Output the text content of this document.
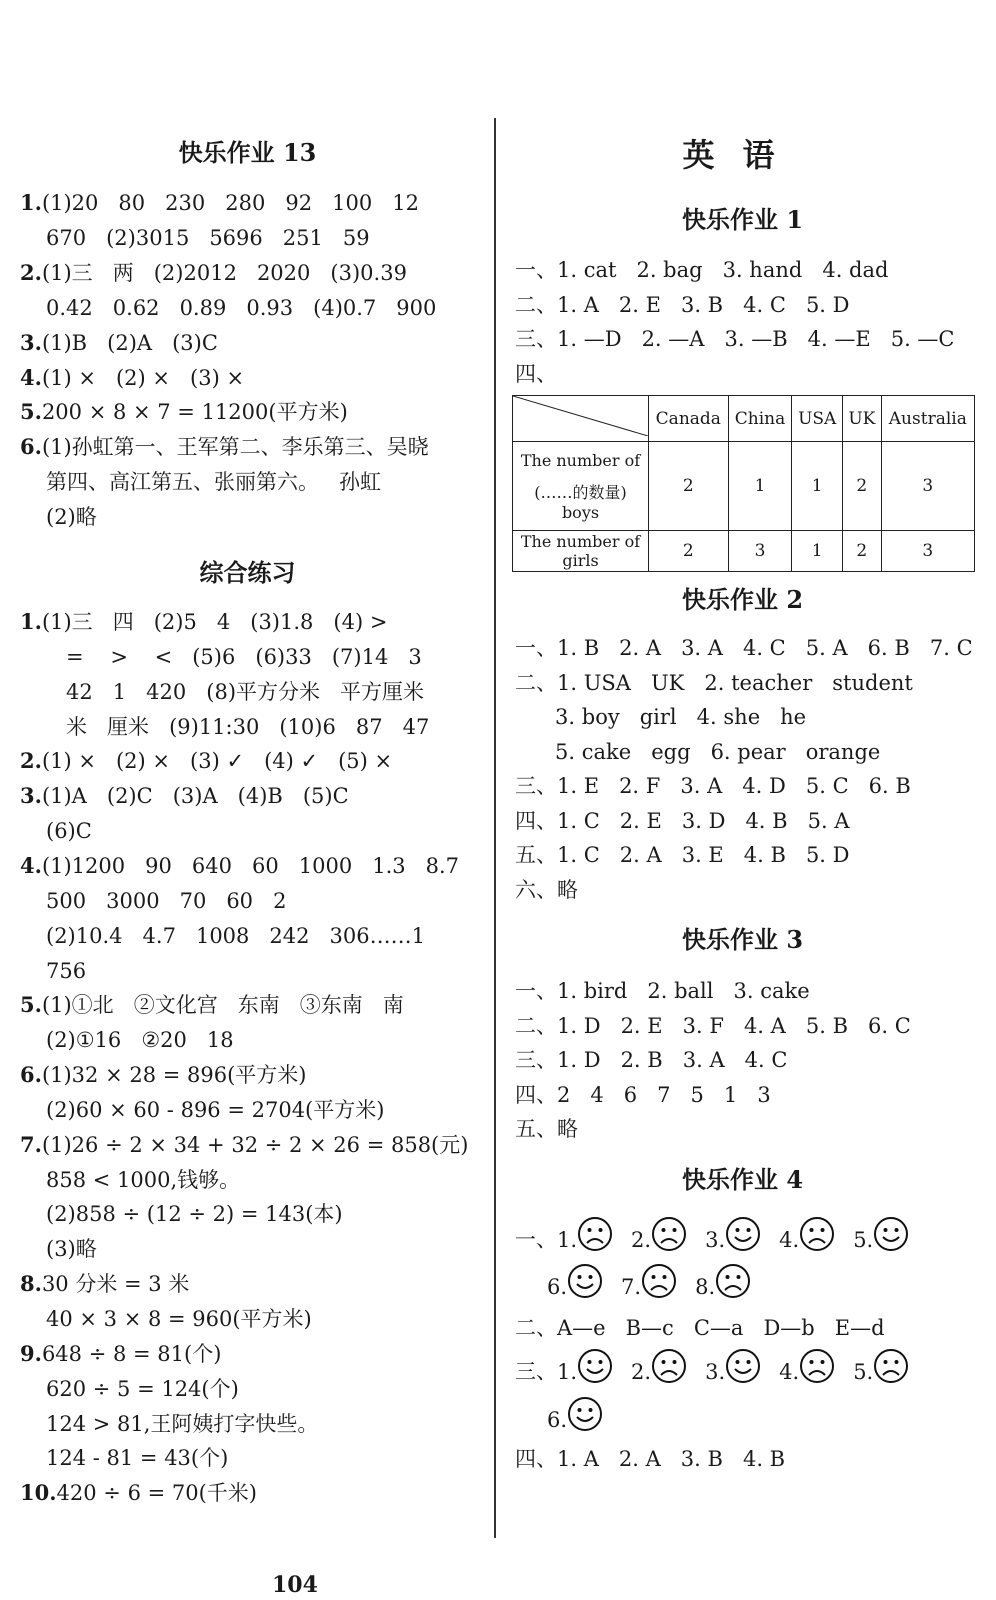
快乐作业 13
1.(1)20   80   230   280   92   100   12
670   (2)3015   5696   251   59
2.(1)三   两   (2)2012   2020   (3)0.39
0.42   0.62   0.89   0.93   (4)0.7   900
3.(1)B   (2)A   (3)C
4.(1) ×   (2) ×   (3) ×
5.200 × 8 × 7 = 11200(平方米)
6.(1)孙虹第一、王军第二、李乐第三、吴晓
第四、高江第五、张丽第六。   孙虹
(2)略
综合练习
1.(1)三   四   (2)5   4   (3)1.8   (4) >
=    >    <   (5)6   (6)33   (7)14   3
42   1   420   (8)平方分米   平方厘米
米   厘米   (9)11:30   (10)6   87   47
2.(1) ×   (2) ×   (3) ✓   (4) ✓   (5) ×
3.(1)A   (2)C   (3)A   (4)B   (5)C
(6)C
4.(1)1200   90   640   60   1000   1.3   8.7
500   3000   70   60   2
(2)10.4   4.7   1008   242   306……1
756
5.(1)①北   ②文化宫   东南   ③东南   南
(2)①16   ②20   18
6.(1)32 × 28 = 896(平方米)
(2)60 × 60 - 896 = 2704(平方米)
7.(1)26 ÷ 2 × 34 + 32 ÷ 2 × 26 = 858(元)
858 < 1000,钱够。
(2)858 ÷ (12 ÷ 2) = 143(本)
(3)略
8.30 分米 = 3 米
40 × 3 × 8 = 960(平方米)
9.648 ÷ 8 = 81(个)
620 ÷ 5 = 124(个)
124 > 81,王阿姨打字快些。
124 - 81 = 43(个)
10.420 ÷ 6 = 70(千米)
104
英语
快乐作业 1
一、1. cat   2. bag   3. hand   4. dad
二、1. A   2. E   3. B   4. C   5. D
三、1. —D   2. —A   3. —B   4. —E   5. —C
四、
	Canada	China	USA	UK	Australia

The number of
(……的数量) boys	2	1	1	2	3

The number of girls	2	3	1	2	3
快乐作业 2
一、1. B   2. A   3. A   4. C   5. A   6. B   7. C
二、1. USA   UK   2. teacher   student
3. boy   girl   4. she   he
5. cake   egg   6. pear   orange
三、1. E   2. F   3. A   4. D   5. C   6. B
四、1. C   2. E   3. D   4. B   5. A
五、1. C   2. A   3. E   4. B   5. D
六、略
快乐作业 3
一、1. bird   2. ball   3. cake
二、1. D   2. E   3. F   4. A   5. B   6. C
三、1. D   2. B   3. A   4. C
四、2   4   6   7   5   1   3
五、略
快乐作业 4
一、1.	2.	3.	4.	5.
6.	7.	8.
二、A—e   B—c   C—a   D—b   E—d
三、1.	2.	3.	4.	5.
6.
四、1. A   2. A   3. B   4. B
